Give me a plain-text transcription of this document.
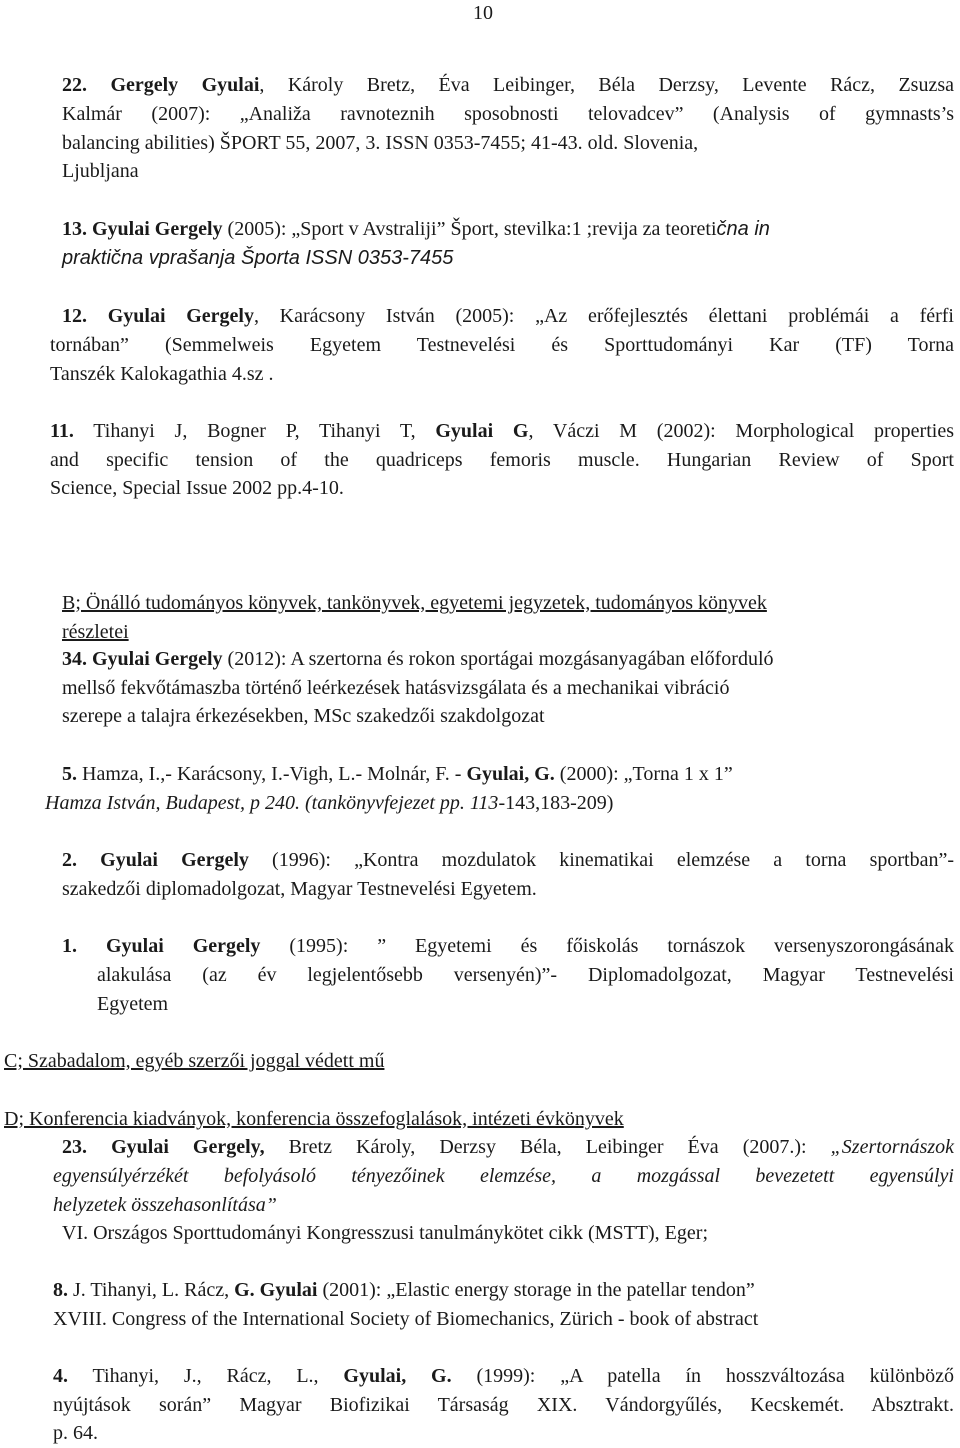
10
22. Gergely Gyulai, Károly Bretz, Éva Leibinger, Béla Derzsy, Levente Rácz, Zsuzsa
Kalmár (2007): „Analiža ravnoteznih sposobnosti telovadcev” (Analysis of gymnasts’s
balancing abilities) ŠPORT 55, 2007, 3. ISSN 0353-7455; 41-43. old. Slovenia,
Ljubljana
13. Gyulai Gergely (2005): „Sport v Avstraliji” Šport, stevilka:1 ;revija za teoretična in
praktična vprašanja Športa ISSN 0353-7455
12. Gyulai Gergely, Karácsony István (2005): „Az erőfejlesztés élettani problémái a férfi
tornában” (Semmelweis Egyetem Testnevelési és Sporttudományi Kar (TF) Torna
Tanszék Kalokagathia 4.sz .
11. Tihanyi J, Bogner P, Tihanyi T, Gyulai G, Váczi M (2002): Morphological properties
and specific tension of the quadriceps femoris muscle. Hungarian Review of Sport
Science, Special Issue 2002 pp.4-10.
B; Önálló tudományos könyvek, tankönyvek, egyetemi jegyzetek, tudományos könyvek
részletei
34. Gyulai Gergely (2012): A szertorna és rokon sportágai mozgásanyagában előforduló
mellső fekvőtámaszba történő leérkezések hatásvizsgálata és a mechanikai vibráció
szerepe a talajra érkezésekben, MSc szakedzői szakdolgozat
5. Hamza, I.,- Karácsony, I.-Vigh, L.- Molnár, F. - Gyulai, G. (2000): „Torna 1 x 1”
Hamza István, Budapest, p 240. (tankönyvfejezet pp. 113-143,183-209)
2. Gyulai Gergely (1996): „Kontra mozdulatok kinematikai elemzése a torna sportban”-
szakedzői diplomadolgozat, Magyar Testnevelési Egyetem.
1. Gyulai Gergely (1995): ” Egyetemi és főiskolás tornászok versenyszorongásának
alakulása (az év legjelentősebb versenyén)”- Diplomadolgozat, Magyar Testnevelési
Egyetem
C; Szabadalom, egyéb szerzői joggal védett mű
D; Konferencia kiadványok, konferencia összefoglalások, intézeti évkönyvek
23. Gyulai Gergely, Bretz Károly, Derzsy Béla, Leibinger Éva (2007.): „Szertornászok
egyensúlyérzékét befolyásoló tényezőinek elemzése, a mozgással bevezetett egyensúlyi
helyzetek összehasonlítása”
VI. Országos Sporttudományi Kongresszusi tanulmánykötet cikk (MSTT), Eger;
8. J. Tihanyi, L. Rácz, G. Gyulai (2001): „Elastic energy storage in the patellar tendon”
XVIII. Congress of the International Society of Biomechanics, Zürich - book of abstract
4. Tihanyi, J., Rácz, L., Gyulai, G. (1999): „A patella ín hosszváltozása különböző
nyújtások során” Magyar Biofizikai Társaság XIX. Vándorgyűlés, Kecskemét. Absztrakt.
p. 64.
